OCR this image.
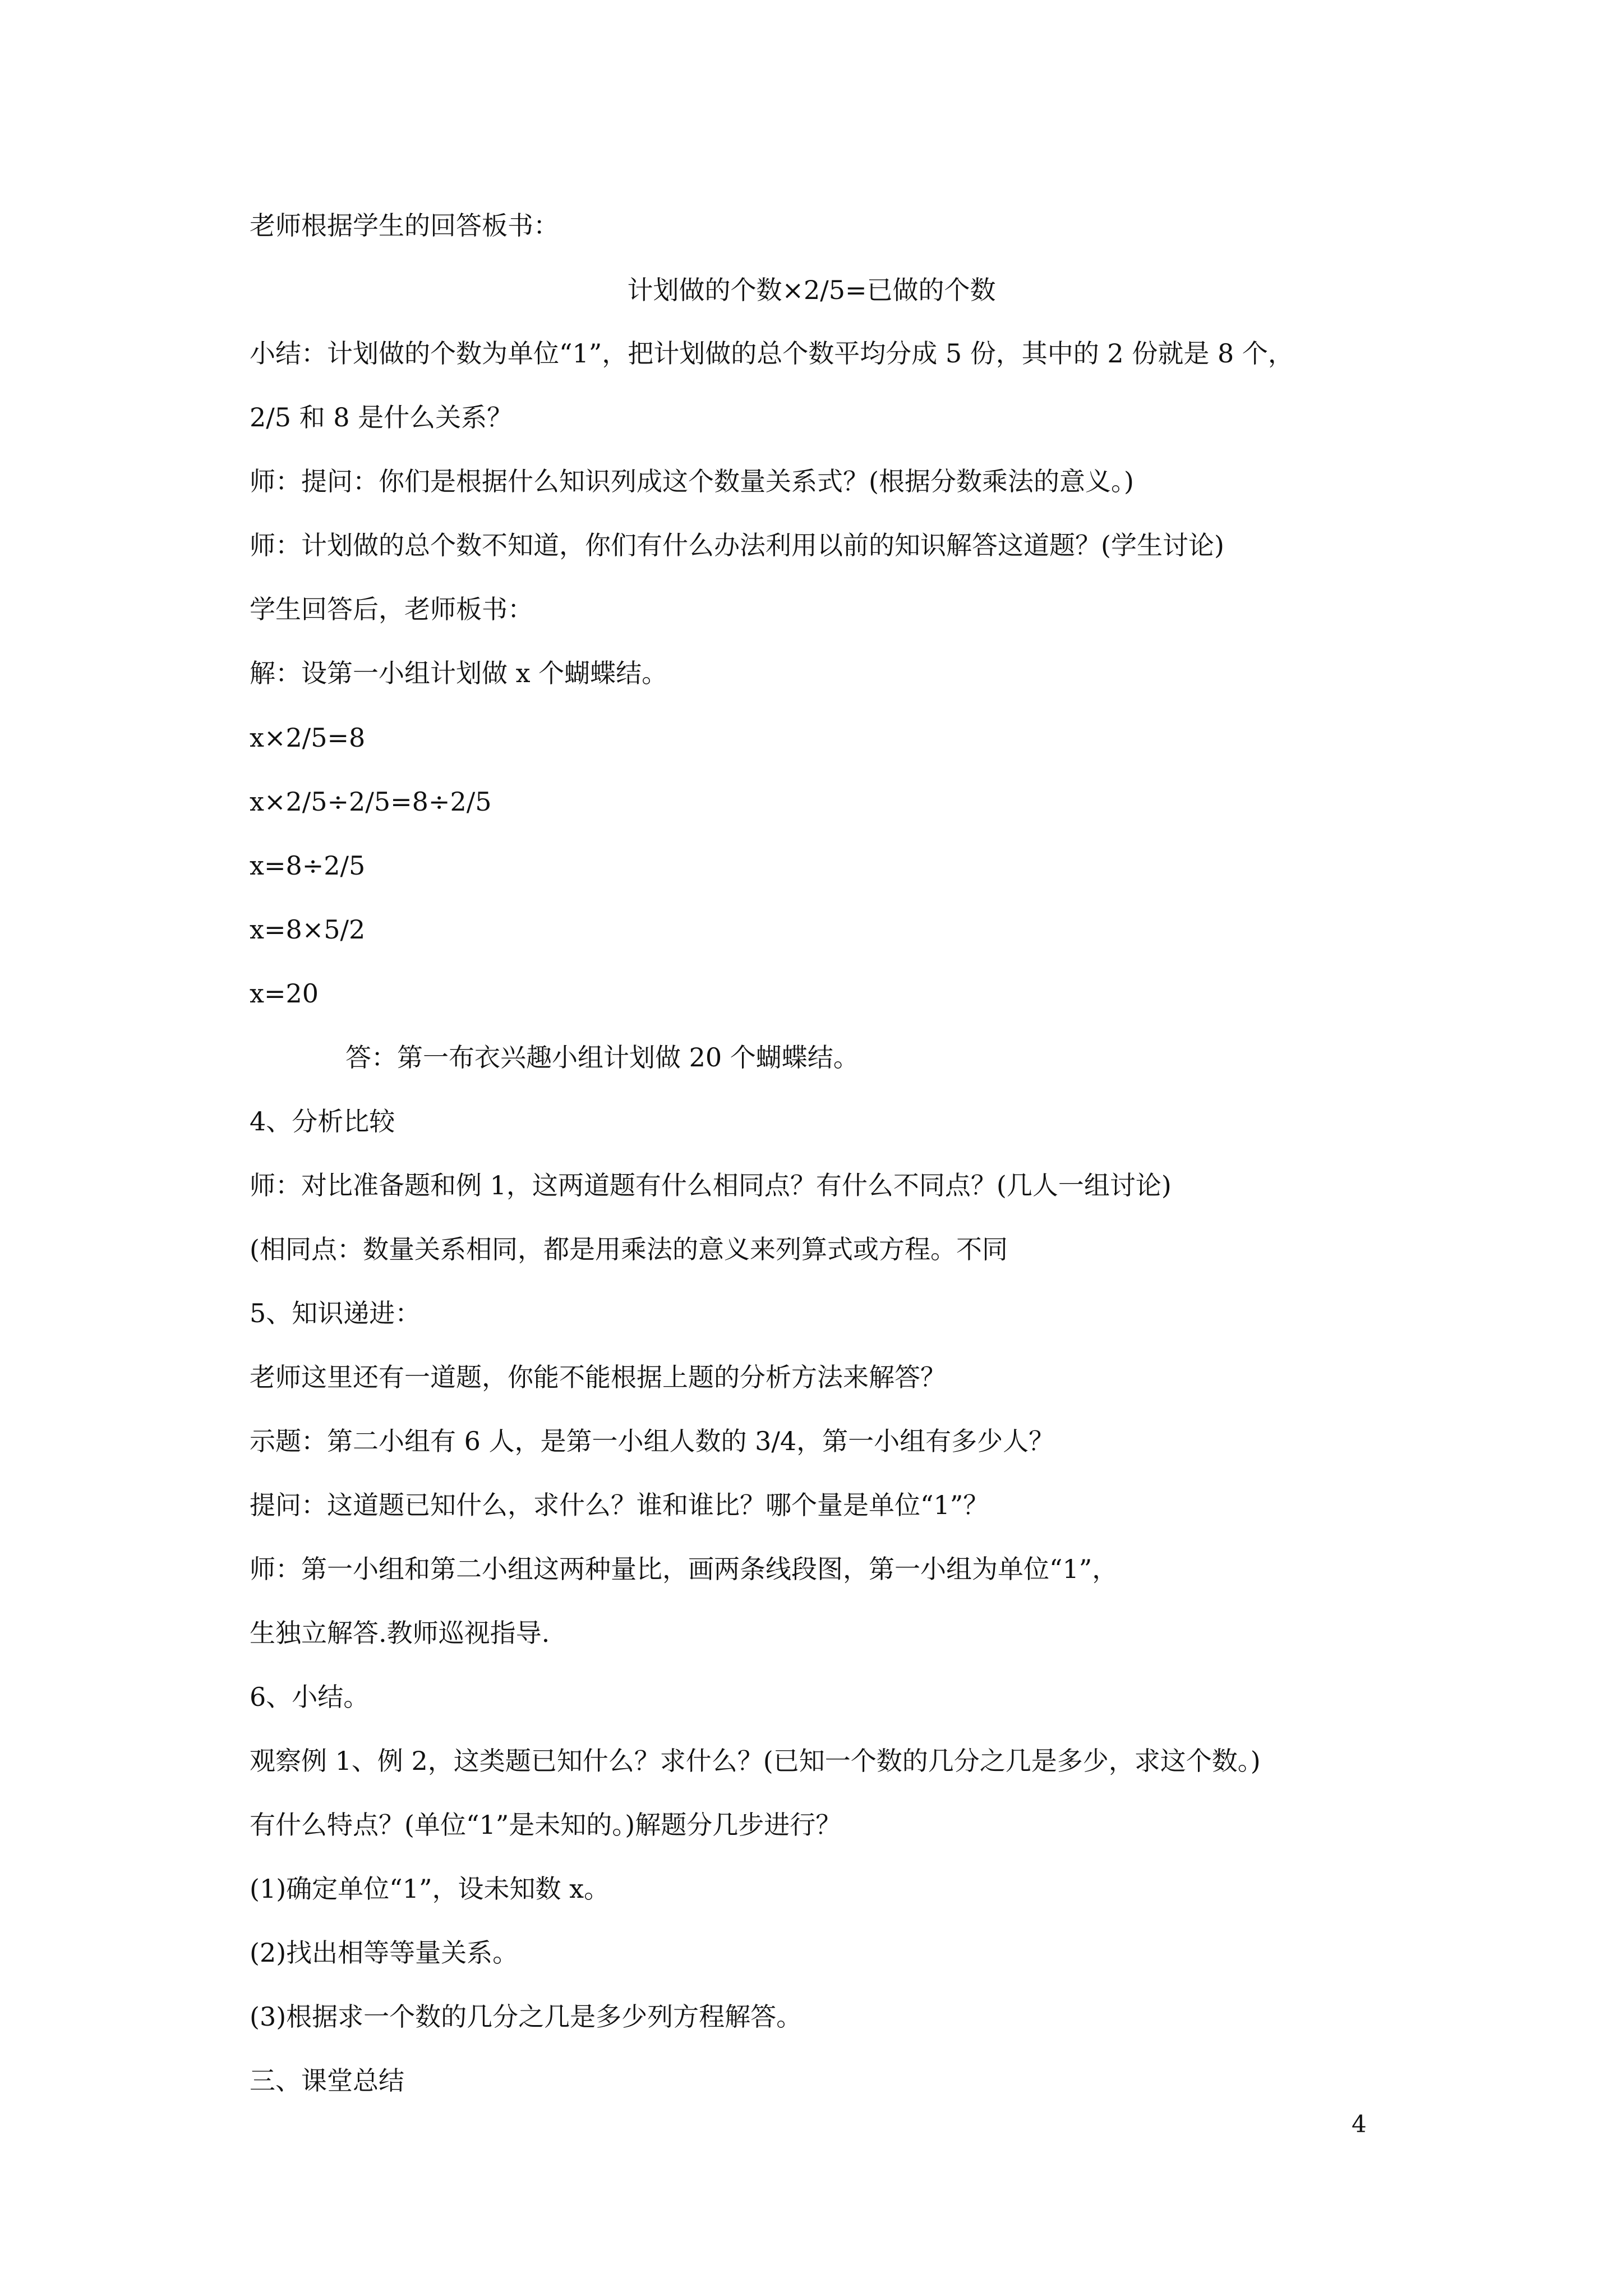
老师根据学生的回答板书：
计划做的个数×2/5=已做的个数
小结：计划做的个数为单位“1”，把计划做的总个数平均分成 5 份，其中的 2 份就是 8 个，
2/5 和 8 是什么关系？
师：提问：你们是根据什么知识列成这个数量关系式？(根据分数乘法的意义。)
师：计划做的总个数不知道，你们有什么办法利用以前的知识解答这道题？(学生讨论)
学生回答后，老师板书：
解：设第一小组计划做 x 个蝴蝶结。
x×2/5=8
x×2/5÷2/5=8÷2/5
x=8÷2/5
x=8×5/2
x=20
答：第一布衣兴趣小组计划做 20 个蝴蝶结。
4、分析比较
师：对比准备题和例 1，这两道题有什么相同点？有什么不同点？(几人一组讨论)
(相同点：数量关系相同，都是用乘法的意义来列算式或方程。不同
5、知识递进：
老师这里还有一道题，你能不能根据上题的分析方法来解答？
示题：第二小组有 6 人，是第一小组人数的 3/4，第一小组有多少人？
提问：这道题已知什么，求什么？谁和谁比？哪个量是单位“1”？
师：第一小组和第二小组这两种量比，画两条线段图，第一小组为单位“1”，
生独立解答.教师巡视指导.
6、小结。
观察例 1、例 2，这类题已知什么？求什么？(已知一个数的几分之几是多少，求这个数。)
有什么特点？(单位“1”是未知的。)解题分几步进行？
(1)确定单位“1”，设未知数 x。
(2)找出相等等量关系。
(3)根据求一个数的几分之几是多少列方程解答。
三、课堂总结
4
